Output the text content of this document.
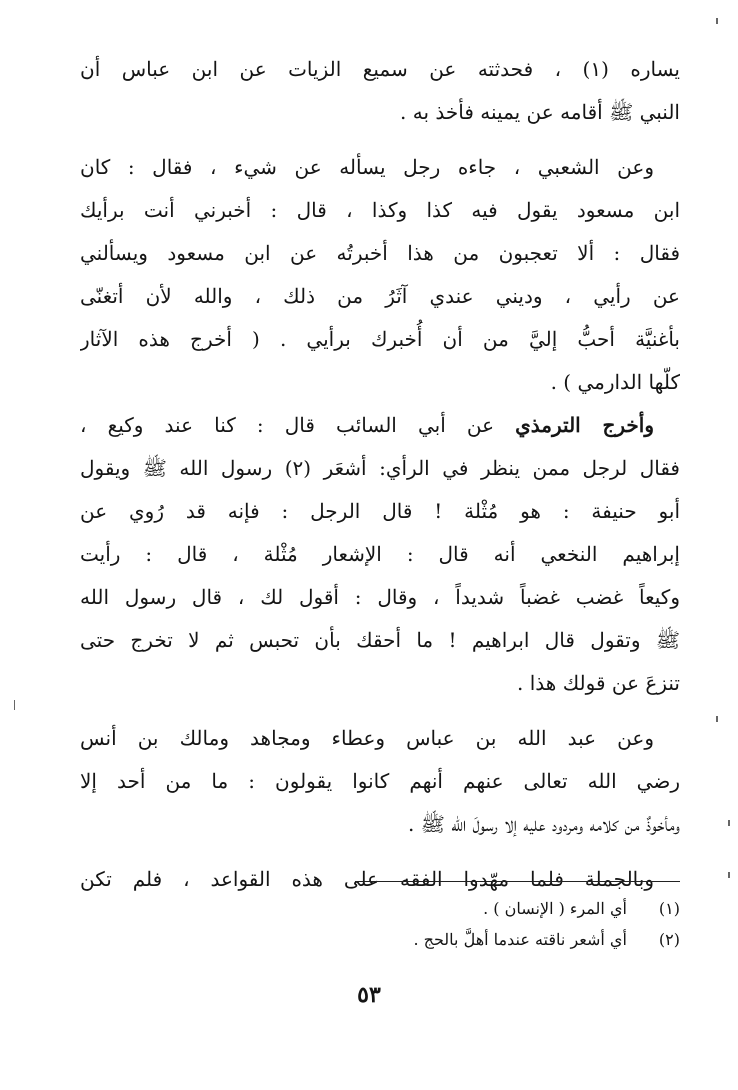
يساره (١) ، فحدثته عن سميع الزيات عن ابن عباس أن
النبي ﷺ أقامه عن يمينه فأخذ به .
وعن الشعبي ، جاءه رجل يسأله عن شيء ، فقال : كان
ابن مسعود يقول فيه كذا وكذا ، قال : أخبرني أنت برأيك
فقال : ألا تعجبون من هذا أخبرتُه عن ابن مسعود ويسألني
عن رأيي ، وديني عندي آثَرُ من ذلك ، والله لأن أتغنّى
بأغنيَّة أحبُّ إليَّ من أن أُخبرك برأيي . ( أخرج هذه الآثار
كلّها الدارمي ) .
وأخرج الترمذي عن أبي السائب قال : كنا عند وكيع ،
فقال لرجل ممن ينظر في الرأي: أشعَر (٢) رسول الله ﷺ ويقول
أبو حنيفة : هو مُثْلة ! قال الرجل : فإنه قد رُوي عن
إبراهيم النخعي أنه قال : الإشعار مُثْلة ، قال : رأيت
وكيعاً غضب غضباً شديداً ، وقال : أقول لك ، قال رسول الله
ﷺ وتقول قال ابراهيم ! ما أحقك بأن تحبس ثم لا تخرج حتى
تنزعَ عن قولك هذا .
وعن عبد الله بن عباس وعطاء ومجاهد ومالك بن أنس
رضي الله تعالى عنهم أنهم كانوا يقولون : ما من أحد إلا
ومأخوذٌ من كلامه ومردود عليه إلا رسولَ الله ﷺ .
وبالجملة فلما مهّدوا الفقه على هذه القواعد ، فلم تكن
(١) أي المرء ( الإنسان ) .
(٢) أي أشعر ناقته عندما أهلَّ بالحج .
٥٣
